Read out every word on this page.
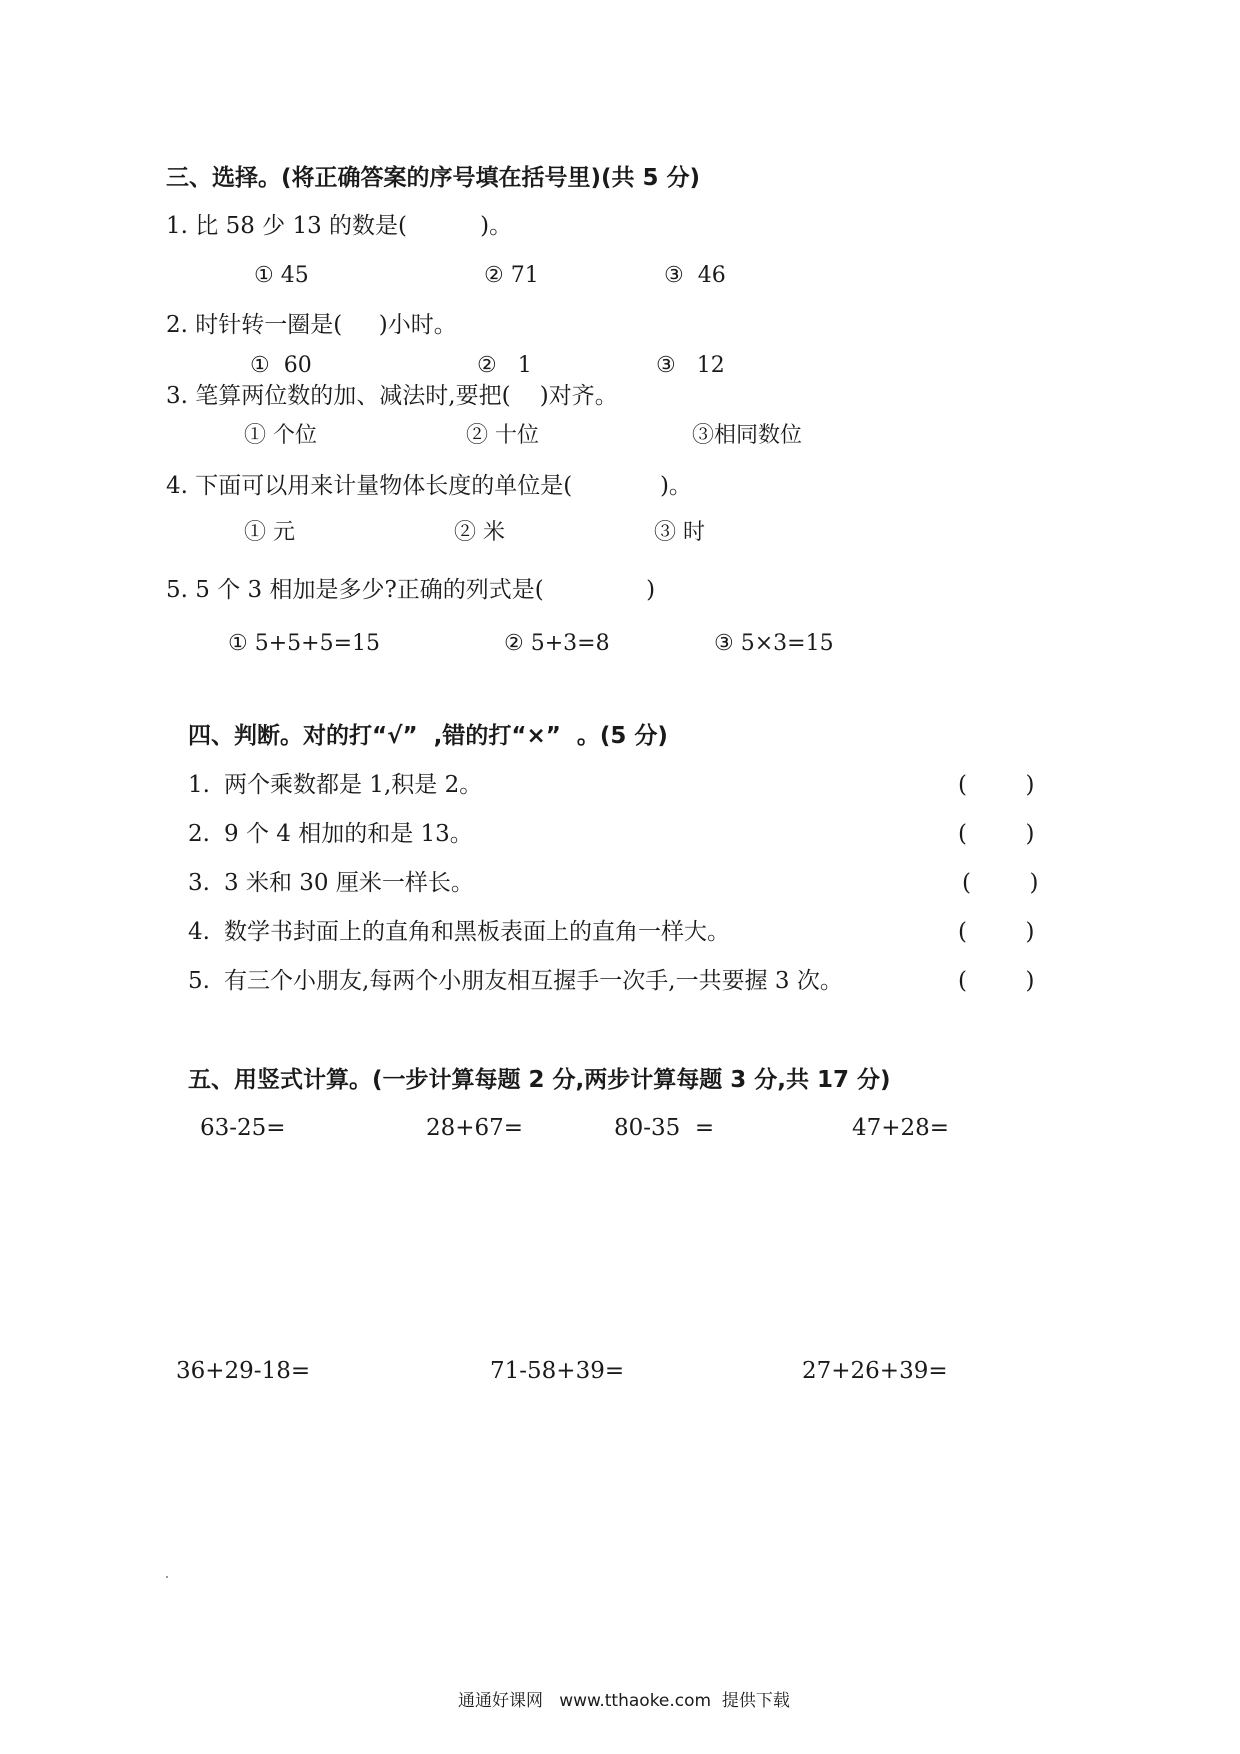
三、选择。(将正确答案的序号填在括号里)(共 5 分)
1. 比 58 少 13 的数是(          )。
① 45	② 71	③  46
2. 时针转一圈是(     )小时。
①  60	②   1	③   12
3. 笔算两位数的加、减法时,要把(    )对齐。
① 个位	② 十位	③相同数位
4. 下面可以用来计量物体长度的单位是(            )。
① 元	② 米	③ 时
5. 5 个 3 相加是多少?正确的列式是(              )
① 5+5+5=15	② 5+3=8	③ 5×3=15
四、判断。对的打“√”  ,错的打“×”  。(5 分)
1. 两个乘数都是 1,积是 2。	(        )
2. 9 个 4 相加的和是 13。	(        )
3. 3 米和 30 厘米一样长。	(        )
4. 数学书封面上的直角和黑板表面上的直角一样大。	(        )
5. 有三个小朋友,每两个小朋友相互握手一次手,一共要握 3 次。	(        )
五、用竖式计算。(一步计算每题 2 分,两步计算每题 3 分,共 17 分)
63-25=	28+67=	80-35  =	47+28=
36+29-18=	71-58+39=	27+26+39=
通通好课网   www.tthaoke.com  提供下载
